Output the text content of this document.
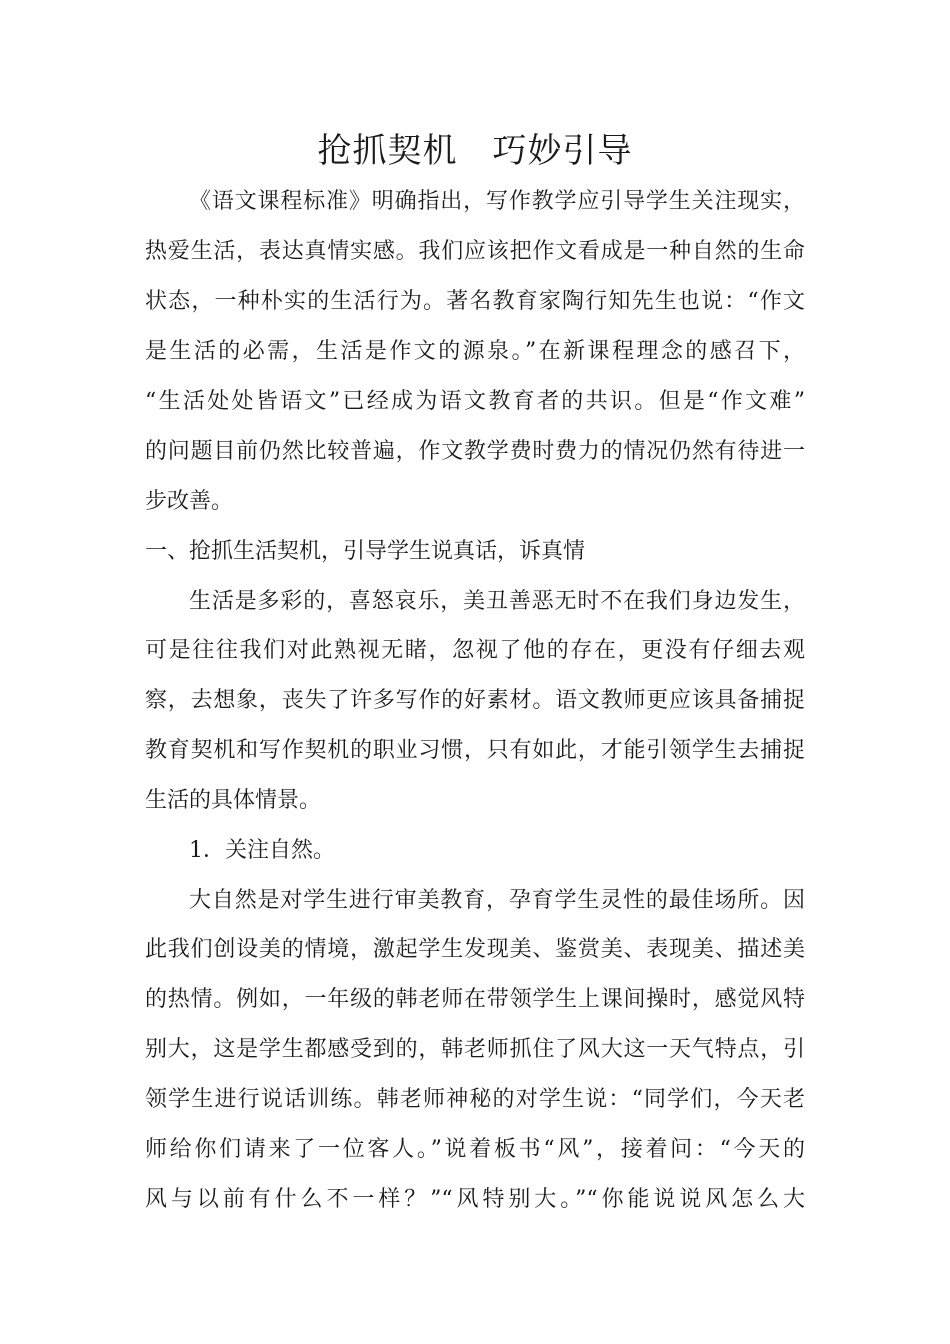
抢抓契机　巧妙引导
《语文课程标准》明确指出，写作教学应引导学生关注现实，
热爱生活，表达真情实感。我们应该把作文看成是一种自然的生命
状态，一种朴实的生活行为。著名教育家陶行知先生也说：“作文
是生活的必需，生活是作文的源泉。”在新课程理念的感召下，
“生活处处皆语文”已经成为语文教育者的共识。但是“作文难”
的问题目前仍然比较普遍，作文教学费时费力的情况仍然有待进一
步改善。
一、抢抓生活契机，引导学生说真话，诉真情
生活是多彩的，喜怒哀乐，美丑善恶无时不在我们身边发生，
可是往往我们对此熟视无睹，忽视了他的存在，更没有仔细去观
察，去想象，丧失了许多写作的好素材。语文教师更应该具备捕捉
教育契机和写作契机的职业习惯，只有如此，才能引领学生去捕捉
生活的具体情景。
1．关注自然。
大自然是对学生进行审美教育，孕育学生灵性的最佳场所。因
此我们创设美的情境，激起学生发现美、鉴赏美、表现美、描述美
的热情。例如，一年级的韩老师在带领学生上课间操时，感觉风特
别大，这是学生都感受到的，韩老师抓住了风大这一天气特点，引
领学生进行说话训练。韩老师神秘的对学生说：“同学们，今天老
师给你们请来了一位客人。”说着板书“风”，接着问：“今天的
风与以前有什么不一样？”“风特别大。”“你能说说风怎么大
